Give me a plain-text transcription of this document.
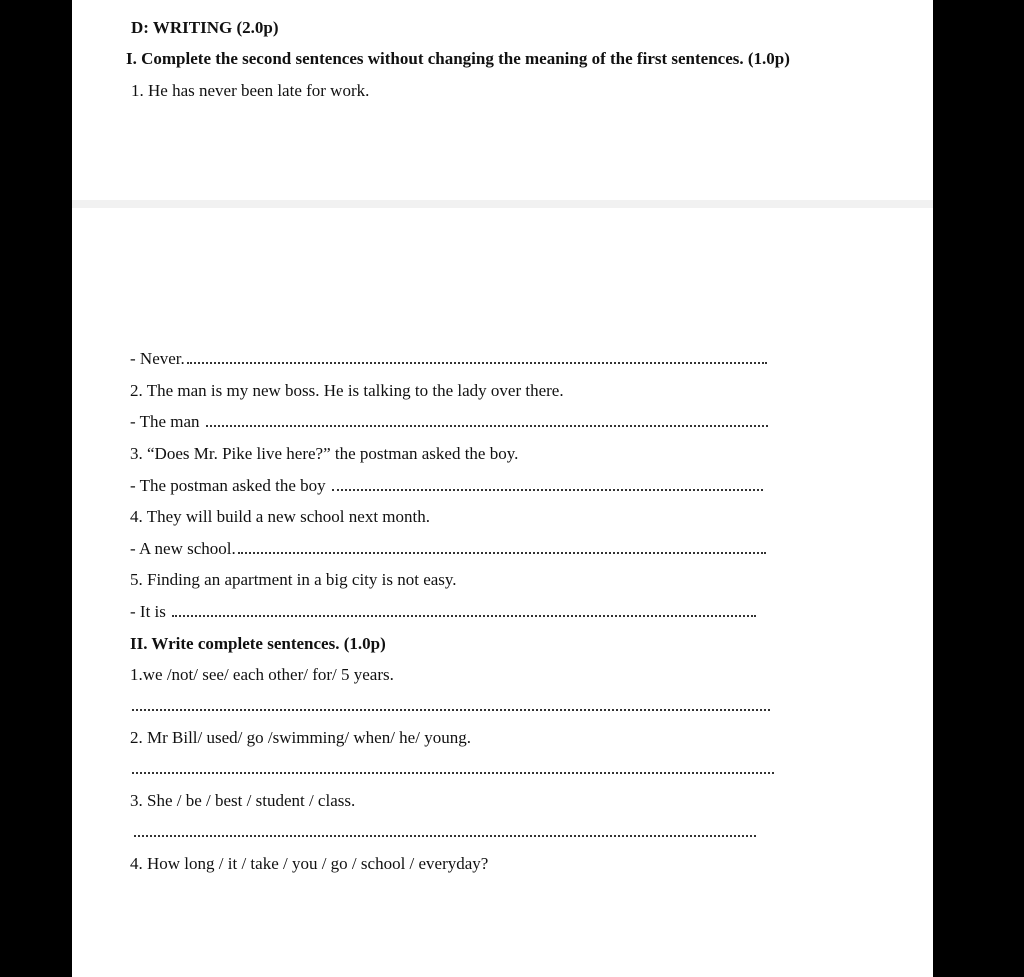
D: WRITING (2.0p)
I. Complete the second sentences without changing the meaning of the first sentences. (1.0p)
1. He has never been late for work.
- Never.
2. The man is my new boss. He is talking to the lady over there.
- The man
3. “Does Mr. Pike live here?” the postman asked the boy.
- The postman asked the boy
4. They will build a new school next month.
- A new school.
5. Finding an apartment in a big city is not easy.
- It is
II. Write complete sentences. (1.0p)
1.we /not/ see/ each other/ for/ 5 years.
2. Mr Bill/ used/ go /swimming/ when/ he/ young.
3. She / be / best / student / class.
4. How long / it / take / you / go / school / everyday?
